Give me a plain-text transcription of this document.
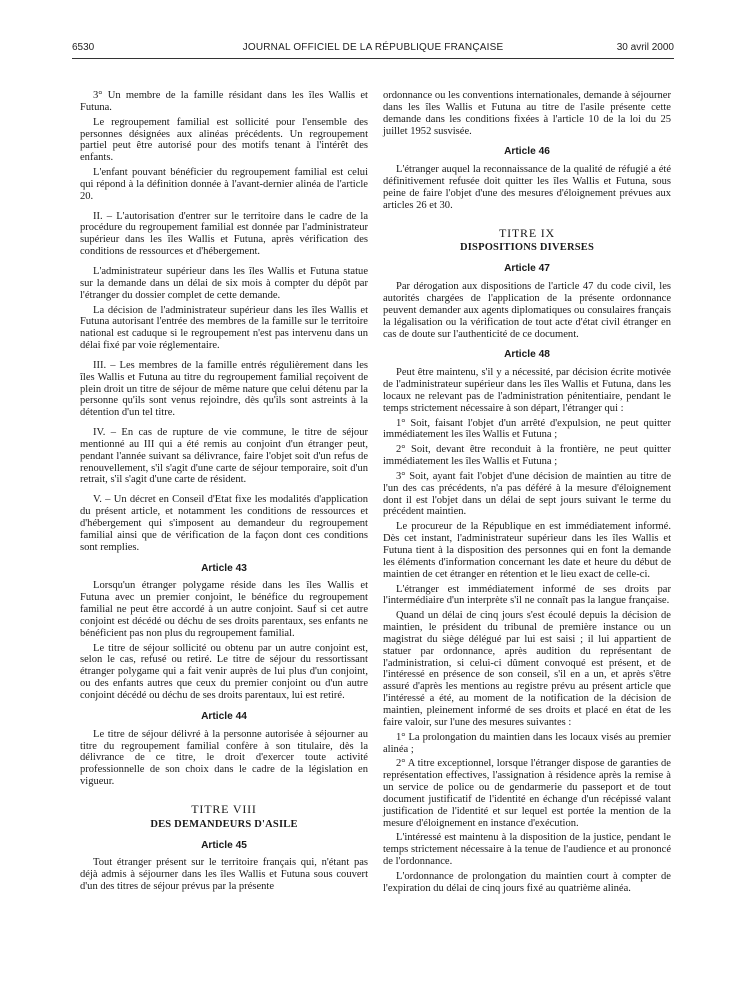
6530	JOURNAL OFFICIEL DE LA RÉPUBLIQUE FRANÇAISE	30 avril 2000

3° Un membre de la famille résidant dans les îles Wallis et Futuna.

Le regroupement familial est sollicité pour l'ensemble des personnes désignées aux alinéas précédents. Un regroupement partiel peut être autorisé pour des motifs tenant à l'intérêt des enfants.

L'enfant pouvant bénéficier du regroupement familial est celui qui répond à la définition donnée à l'avant-dernier alinéa de l'article 20.

II. – L'autorisation d'entrer sur le territoire dans le cadre de la procédure du regroupement familial est donnée par l'administrateur supérieur dans les îles Wallis et Futuna, après vérification des conditions de ressources et d'hébergement.

L'administrateur supérieur dans les îles Wallis et Futuna statue sur la demande dans un délai de six mois à compter du dépôt par l'étranger du dossier complet de cette demande.

La décision de l'administrateur supérieur dans les îles Wallis et Futuna autorisant l'entrée des membres de la famille sur le territoire national est caduque si le regroupement n'est pas intervenu dans un délai fixé par voie réglementaire.

III. – Les membres de la famille entrés régulièrement dans les îles Wallis et Futuna au titre du regroupement familial reçoivent de plein droit un titre de séjour de même nature que celui détenu par la personne qu'ils sont venus rejoindre, dès qu'ils sont astreints à la détention d'un tel titre.

IV. – En cas de rupture de vie commune, le titre de séjour mentionné au III qui a été remis au conjoint d'un étranger peut, pendant l'année suivant sa délivrance, faire l'objet soit d'un refus de renouvellement, s'il s'agit d'une carte de séjour temporaire, soit d'un retrait, s'il s'agit d'une carte de résident.

V. – Un décret en Conseil d'Etat fixe les modalités d'application du présent article, et notamment les conditions de ressources et d'hébergement qui s'imposent au demandeur du regroupement familial ainsi que de vérification de la façon dont ces conditions sont remplies.

Article 43

Lorsqu'un étranger polygame réside dans les îles Wallis et Futuna avec un premier conjoint, le bénéfice du regroupement familial ne peut être accordé à un autre conjoint. Sauf si cet autre conjoint est décédé ou déchu de ses droits parentaux, ses enfants ne bénéficient pas non plus du regroupement familial.

Le titre de séjour sollicité ou obtenu par un autre conjoint est, selon le cas, refusé ou retiré. Le titre de séjour du ressortissant étranger polygame qui a fait venir auprès de lui plus d'un conjoint, ou des enfants autres que ceux du premier conjoint ou d'un autre conjoint décédé ou déchu de ses droits parentaux, lui est retiré.

Article 44

Le titre de séjour délivré à la personne autorisée à séjourner au titre du regroupement familial confère à son titulaire, dès la délivrance de ce titre, le droit d'exercer toute activité professionnelle de son choix dans le cadre de la législation en vigueur.

TITRE VIII
DES DEMANDEURS D'ASILE
Article 45

Tout étranger présent sur le territoire français qui, n'étant pas déjà admis à séjourner dans les îles Wallis et Futuna sous couvert d'un des titres de séjour prévus par la présente

ordonnance ou les conventions internationales, demande à séjourner dans les îles Wallis et Futuna au titre de l'asile présente cette demande dans les conditions fixées à l'article 10 de la loi du 25 juillet 1952 susvisée.

Article 46

L'étranger auquel la reconnaissance de la qualité de réfugié a été définitivement refusée doit quitter les îles Wallis et Futuna, sous peine de faire l'objet d'une des mesures d'éloignement prévues aux articles 26 et 30.

TITRE IX
DISPOSITIONS DIVERSES
Article 47

Par dérogation aux dispositions de l'article 47 du code civil, les autorités chargées de l'application de la présente ordonnance peuvent demander aux agents diplomatiques ou consulaires français la légalisation ou la vérification de tout acte d'état civil étranger en cas de doute sur l'authenticité de ce document.

Article 48

Peut être maintenu, s'il y a nécessité, par décision écrite motivée de l'administrateur supérieur dans les îles Wallis et Futuna, dans les locaux ne relevant pas de l'administration pénitentiaire, pendant le temps strictement nécessaire à son départ, l'étranger qui :

1° Soit, faisant l'objet d'un arrêté d'expulsion, ne peut quitter immédiatement les îles Wallis et Futuna ;

2° Soit, devant être reconduit à la frontière, ne peut quitter immédiatement les îles Wallis et Futuna ;

3° Soit, ayant fait l'objet d'une décision de maintien au titre de l'un des cas précédents, n'a pas déféré à la mesure d'éloignement dont il est l'objet dans un délai de sept jours suivant le terme du précédent maintien.

Le procureur de la République en est immédiatement informé. Dès cet instant, l'administrateur supérieur dans les îles Wallis et Futuna tient à la disposition des personnes qui en font la demande les éléments d'information concernant les date et heure du début de maintien de cet étranger en rétention et le lieu exact de celle-ci.

L'étranger est immédiatement informé de ses droits par l'intermédiaire d'un interprète s'il ne connaît pas la langue française.

Quand un délai de cinq jours s'est écoulé depuis la décision de maintien, le président du tribunal de première instance ou un magistrat du siège délégué par lui est saisi ; il lui appartient de statuer par ordonnance, après audition du représentant de l'administration, si celui-ci dûment convoqué est présent, et de l'intéressé en présence de son conseil, s'il en a un, et après s'être assuré d'après les mentions au registre prévu au présent article que l'intéressé a été, au moment de la notification de la décision de maintien, pleinement informé de ses droits et placé en état de les faire valoir, sur l'une des mesures suivantes :

1° La prolongation du maintien dans les locaux visés au premier alinéa ;

2° A titre exceptionnel, lorsque l'étranger dispose de garanties de représentation effectives, l'assignation à résidence après la remise à un service de police ou de gendarmerie du passeport et de tout document justificatif de l'identité en échange d'un récépissé valant justification de l'identité et sur lequel est portée la mention de la mesure d'éloignement en instance d'exécution.

L'intéressé est maintenu à la disposition de la justice, pendant le temps strictement nécessaire à la tenue de l'audience et au prononcé de l'ordonnance.

L'ordonnance de prolongation du maintien court à compter de l'expiration du délai de cinq jours fixé au quatrième alinéa.
